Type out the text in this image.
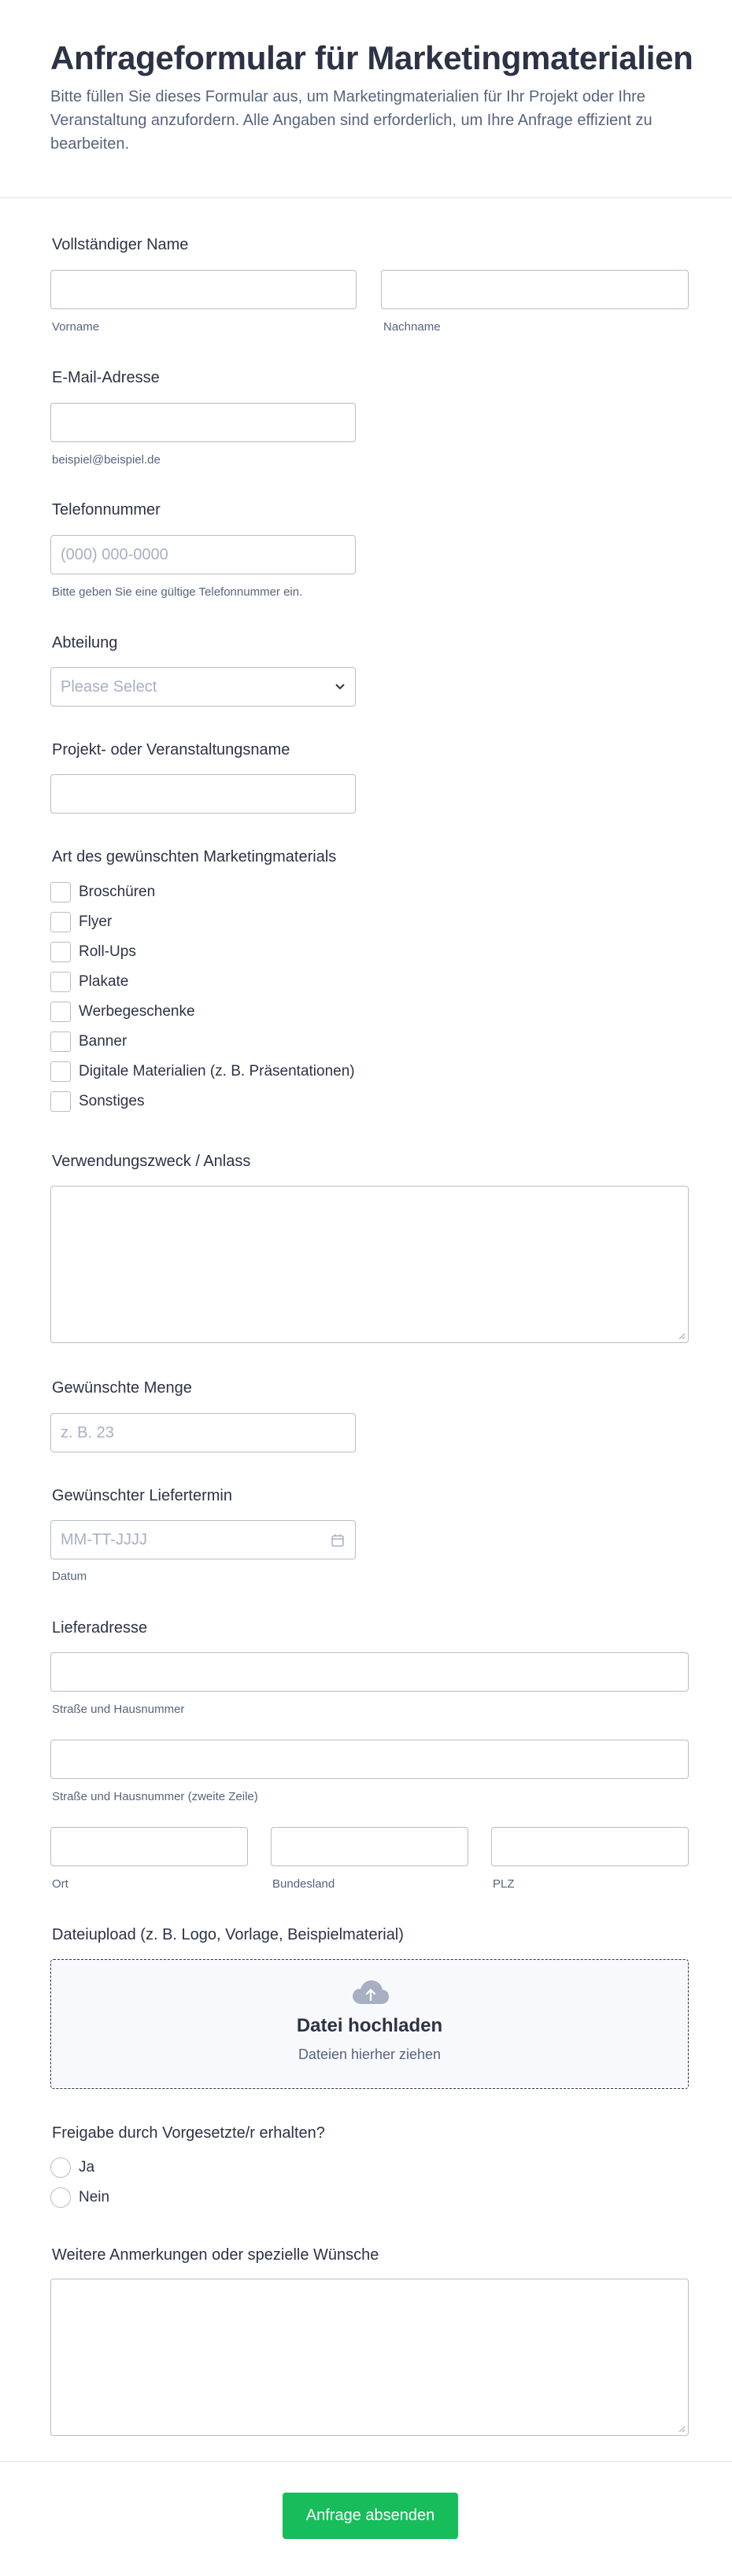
Anfrageformular für Marketingmaterialien
Bitte füllen Sie dieses Formular aus, um Marketingmaterialien für Ihr Projekt oder Ihre Veranstaltung anzufordern. Alle Angaben sind erforderlich, um Ihre Anfrage effizient zu bearbeiten.
Vollständiger Name
Vorname	Nachname
E-Mail-Adresse
beispiel@beispiel.de
Telefonnummer
(000) 000-0000
Bitte geben Sie eine gültige Telefonnummer ein.
Abteilung
Please Select
Projekt- oder Veranstaltungsname
Art des gewünschten Marketingmaterials
Broschüren
Flyer
Roll-Ups
Plakate
Werbegeschenke
Banner
Digitale Materialien (z. B. Präsentationen)
Sonstiges
Verwendungszweck / Anlass
Gewünschte Menge
z. B. 23
Gewünschter Liefertermin
MM-TT-JJJJ
Datum
Lieferadresse
Straße und Hausnummer
Straße und Hausnummer (zweite Zeile)
Ort	Bundesland	PLZ
Dateiupload (z. B. Logo, Vorlage, Beispielmaterial)
Datei hochladen
Dateien hierher ziehen
Freigabe durch Vorgesetzte/r erhalten?
Ja
Nein
Weitere Anmerkungen oder spezielle Wünsche
Anfrage absenden
